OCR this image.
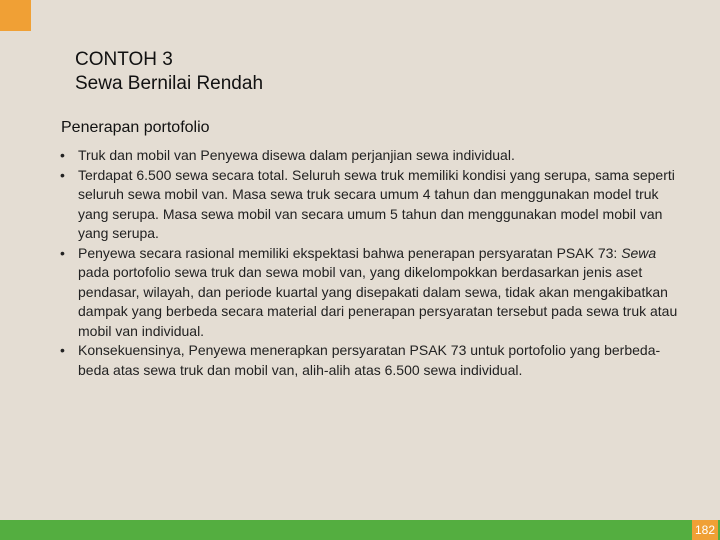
CONTOH 3
Sewa Bernilai Rendah
Penerapan portofolio
• Truk dan mobil van Penyewa disewa dalam perjanjian sewa individual.
• Terdapat 6.500 sewa secara total. Seluruh sewa truk memiliki kondisi yang serupa, sama seperti seluruh sewa mobil van. Masa sewa truk secara umum 4 tahun dan menggunakan model truk yang serupa. Masa sewa mobil van secara umum 5 tahun dan menggunakan model mobil van yang serupa.
• Penyewa secara rasional memiliki ekspektasi bahwa penerapan persyaratan PSAK 73: Sewa pada portofolio sewa truk dan sewa mobil van, yang dikelompokkan berdasarkan jenis aset pendasar, wilayah, dan periode kuartal yang disepakati dalam sewa, tidak akan mengakibatkan dampak yang berbeda secara material dari penerapan persyaratan tersebut pada sewa truk atau mobil van individual.
• Konsekuensinya, Penyewa menerapkan persyaratan PSAK 73 untuk portofolio yang berbeda-beda atas sewa truk dan mobil van, alih-alih atas 6.500 sewa individual.
182
